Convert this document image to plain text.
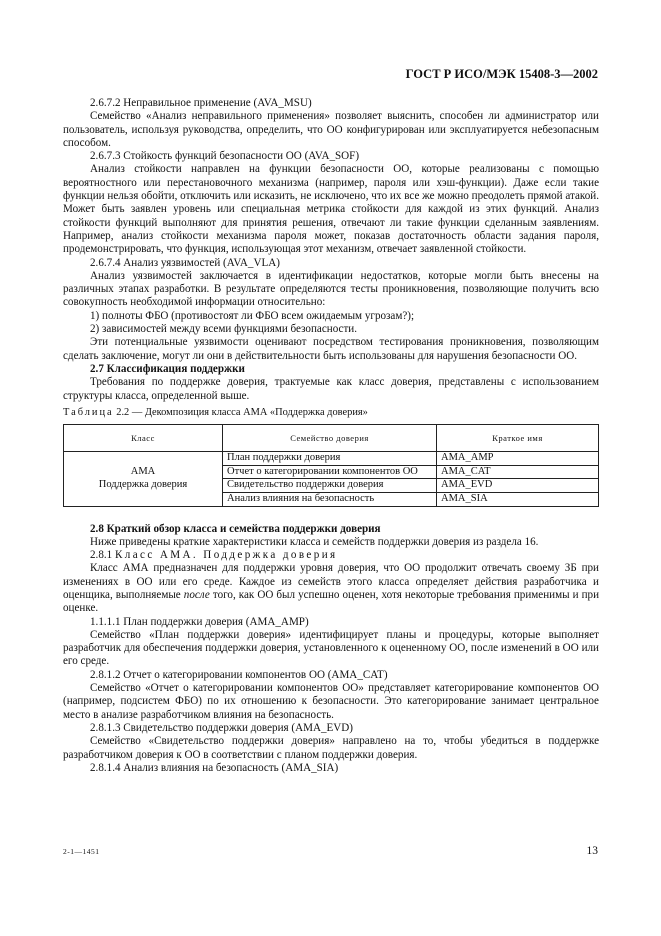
ГОСТ Р ИСО/МЭК 15408-3—2002

2.6.7.2 Неправильное применение (AVA_MSU)

Семейство «Анализ неправильного применения» позволяет выяснить, способен ли администратор или пользователь, используя руководства, определить, что ОО конфигурирован или эксплуатируется небезопасным способом.

2.6.7.3 Стойкость функций безопасности ОО (AVA_SOF)

Анализ стойкости направлен на функции безопасности ОО, которые реализованы с помощью вероятностного или перестановочного механизма (например, пароля или хэш-функции). Даже если такие функции нельзя обойти, отключить или исказить, не исключено, что их все же можно преодолеть прямой атакой. Может быть заявлен уровень или специальная метрика стойкости для каждой из этих функций. Анализ стойкости функций выполняют для принятия решения, отвечают ли такие функции сделанным заявлениям. Например, анализ стойкости механизма пароля может, показав достаточность области задания пароля, продемонстрировать, что функция, использующая этот механизм, отвечает заявленной стойкости.

2.6.7.4 Анализ уязвимостей (AVA_VLA)

Анализ уязвимостей заключается в идентификации недостатков, которые могли быть внесены на различных этапах разработки. В результате определяются тесты проникновения, позволяющие получить всю совокупность необходимой информации относительно:

1) полноты ФБО (противостоят ли ФБО всем ожидаемым угрозам?);

2) зависимостей между всеми функциями безопасности.

Эти потенциальные уязвимости оценивают посредством тестирования проникновения, позволяющим сделать заключение, могут ли они в действительности быть использованы для нарушения безопасности ОО.

2.7 Классификация поддержки

Требования по поддержке доверия, трактуемые как класс доверия, представлены с использованием структуры класса, определенной выше.

Таблица 2.2 — Декомпозиция класса АМА «Поддержка доверия»

Класс	Семейство доверия	Краткое имя

АМА
Поддержка доверия	План поддержки доверия	AMA_AMP
	Отчет о категорировании компонентов ОО	AMA_CAT
	Свидетельство поддержки доверия	AMA_EVD
	Анализ влияния на безопасность	AMA_SIA

2.8 Краткий обзор класса и семейства поддержки доверия

Ниже приведены краткие характеристики класса и семейств поддержки доверия из раздела 16.

2.8.1 Класс АМА. Поддержка доверия

Класс АМА предназначен для поддержки уровня доверия, что ОО продолжит отвечать своему ЗБ при изменениях в ОО или его среде. Каждое из семейств этого класса определяет действия разработчика и оценщика, выполняемые после того, как ОО был успешно оценен, хотя некоторые требования применимы и при оценке.

1.1.1.1 План поддержки доверия (AMA_AMP)

Семейство «План поддержки доверия» идентифицирует планы и процедуры, которые выполняет разработчик для обеспечения поддержки доверия, установленного к оцененному ОО, после изменений в ОО или его среде.

2.8.1.2 Отчет о категорировании компонентов ОО (AMA_CAT)

Семейство «Отчет о категорировании компонентов ОО» представляет категорирование компонентов ОО (например, подсистем ФБО) по их отношению к безопасности. Это категорирование занимает центральное место в анализе разработчиком влияния на безопасность.

2.8.1.3 Свидетельство поддержки доверия (AMA_EVD)

Семейство «Свидетельство поддержки доверия» направлено на то, чтобы убедиться в поддержке разработчиком доверия к ОО в соответствии с планом поддержки доверия.

2.8.1.4 Анализ влияния на безопасность (AMA_SIA)

2-1—1451	13
